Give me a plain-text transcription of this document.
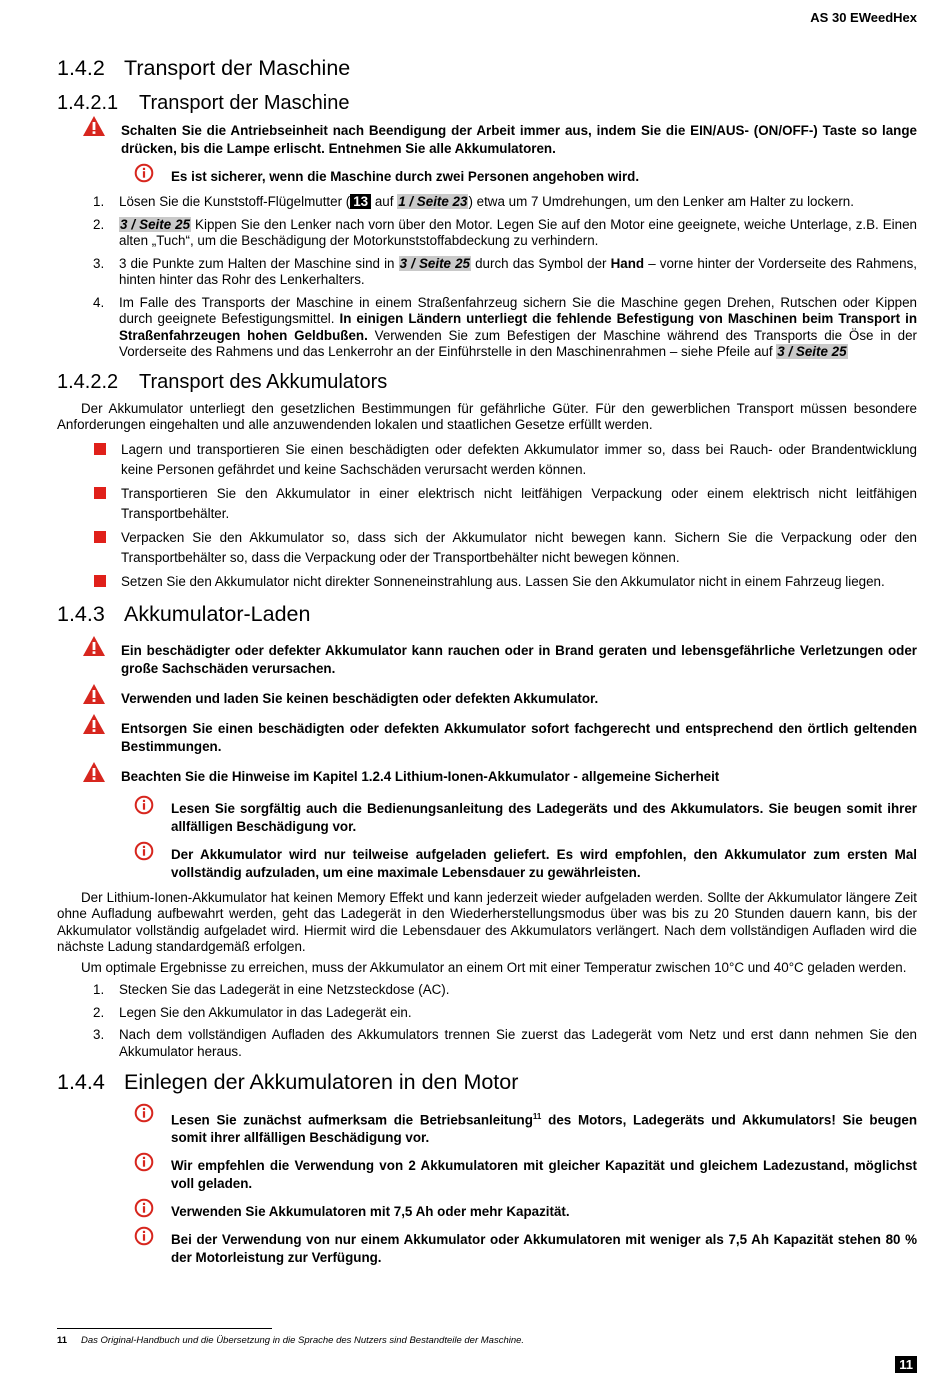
AS 30 EWeedHex
1.4.2 Transport der Maschine
1.4.2.1 Transport der Maschine
Schalten Sie die Antriebseinheit nach Beendigung der Arbeit immer aus, indem Sie die EIN/AUS- (ON/OFF-) Taste so lange drücken, bis die Lampe erlischt. Entnehmen Sie alle Akkumulatoren.
Es ist sicherer, wenn die Maschine durch zwei Personen angehoben wird.
1. Lösen Sie die Kunststoff-Flügelmutter ( 13 auf 1 / Seite 23) etwa um 7 Umdrehungen, um den Lenker am Halter zu lockern.
2. 3 / Seite 25 Kippen Sie den Lenker nach vorn über den Motor. Legen Sie auf den Motor eine geeignete, weiche Unterlage, z.B. Einen alten „Tuch“, um die Beschädigung der Motorkunststoffabdeckung zu verhindern.
3. 3 die Punkte zum Halten der Maschine sind in 3 / Seite 25 durch das Symbol der Hand – vorne hinter der Vorderseite des Rahmens, hinten hinter das Rohr des Lenkerhalters.
4. Im Falle des Transports der Maschine in einem Straßenfahrzeug sichern Sie die Maschine gegen Drehen, Rutschen oder Kippen durch geeignete Befestigungsmittel. In einigen Ländern unterliegt die fehlende Befestigung von Maschinen beim Transport in Straßenfahrzeugen hohen Geldbußen. Verwenden Sie zum Befestigen der Maschine während des Transports die Öse in der Vorderseite des Rahmens und das Lenkerrohr an der Einführstelle in den Maschinenrahmen – siehe Pfeile auf 3 / Seite 25
1.4.2.2 Transport des Akkumulators
Der Akkumulator unterliegt den gesetzlichen Bestimmungen für gefährliche Güter. Für den gewerblichen Transport müssen besondere Anforderungen eingehalten und alle anzuwendenden lokalen und staatlichen Gesetze erfüllt werden.
Lagern und transportieren Sie einen beschädigten oder defekten Akkumulator immer so, dass bei Rauch- oder Brandentwicklung keine Personen gefährdet und keine Sachschäden verursacht werden können.
Transportieren Sie den Akkumulator in einer elektrisch nicht leitfähigen Verpackung oder einem elektrisch nicht leitfähigen Transportbehälter.
Verpacken Sie den Akkumulator so, dass sich der Akkumulator nicht bewegen kann. Sichern Sie die Verpackung oder den Transportbehälter so, dass die Verpackung oder der Transportbehälter nicht bewegen können.
Setzen Sie den Akkumulator nicht direkter Sonneneinstrahlung aus. Lassen Sie den Akkumulator nicht in einem Fahrzeug liegen.
1.4.3 Akkumulator-Laden
Ein beschädigter oder defekter Akkumulator kann rauchen oder in Brand geraten und lebensgefährliche Verletzungen oder große Sachschäden verursachen.
Verwenden und laden Sie keinen beschädigten oder defekten Akkumulator.
Entsorgen Sie einen beschädigten oder defekten Akkumulator sofort fachgerecht und entsprechend den örtlich geltenden Bestimmungen.
Beachten Sie die Hinweise im Kapitel 1.2.4 Lithium-Ionen-Akkumulator - allgemeine Sicherheit
Lesen Sie sorgfältig auch die Bedienungsanleitung des Ladegeräts und des Akkumulators. Sie beugen somit ihrer allfälligen Beschädigung vor.
Der Akkumulator wird nur teilweise aufgeladen geliefert. Es wird empfohlen, den Akkumulator zum ersten Mal vollständig aufzuladen, um eine maximale Lebensdauer zu gewährleisten.
Der Lithium-Ionen-Akkumulator hat keinen Memory Effekt und kann jederzeit wieder aufgeladen werden. Sollte der Akkumulator längere Zeit ohne Aufladung aufbewahrt werden, geht das Ladegerät in den Wiederherstellungsmodus über was bis zu 20 Stunden dauern kann, bis der Akkumulator vollständig aufgeladet wird. Hiermit wird die Lebensdauer des Akkumulators verlängert. Nach dem vollständigen Aufladen wird die nächste Ladung standardgemäß erfolgen.
Um optimale Ergebnisse zu erreichen, muss der Akkumulator an einem Ort mit einer Temperatur zwischen 10°C und 40°C geladen werden.
1. Stecken Sie das Ladegerät in eine Netzsteckdose (AC).
2. Legen Sie den Akkumulator in das Ladegerät ein.
3. Nach dem vollständigen Aufladen des Akkumulators trennen Sie zuerst das Ladegerät vom Netz und erst dann nehmen Sie den Akkumulator heraus.
1.4.4 Einlegen der Akkumulatoren in den Motor
Lesen Sie zunächst aufmerksam die Betriebsanleitung$^{11}$ des Motors, Ladegeräts und Akkumulators! Sie beugen somit ihrer allfälligen Beschädigung vor.
Wir empfehlen die Verwendung von 2 Akkumulatoren mit gleicher Kapazität und gleichem Ladezustand, möglichst voll geladen.
Verwenden Sie Akkumulatoren mit 7,5 Ah oder mehr Kapazität.
Bei der Verwendung von nur einem Akkumulator oder Akkumulatoren mit weniger als 7,5 Ah Kapazität stehen 80 % der Motorleistung zur Verfügung.
11 Das Original-Handbuch und die Übersetzung in die Sprache des Nutzers sind Bestandteile der Maschine.
11
